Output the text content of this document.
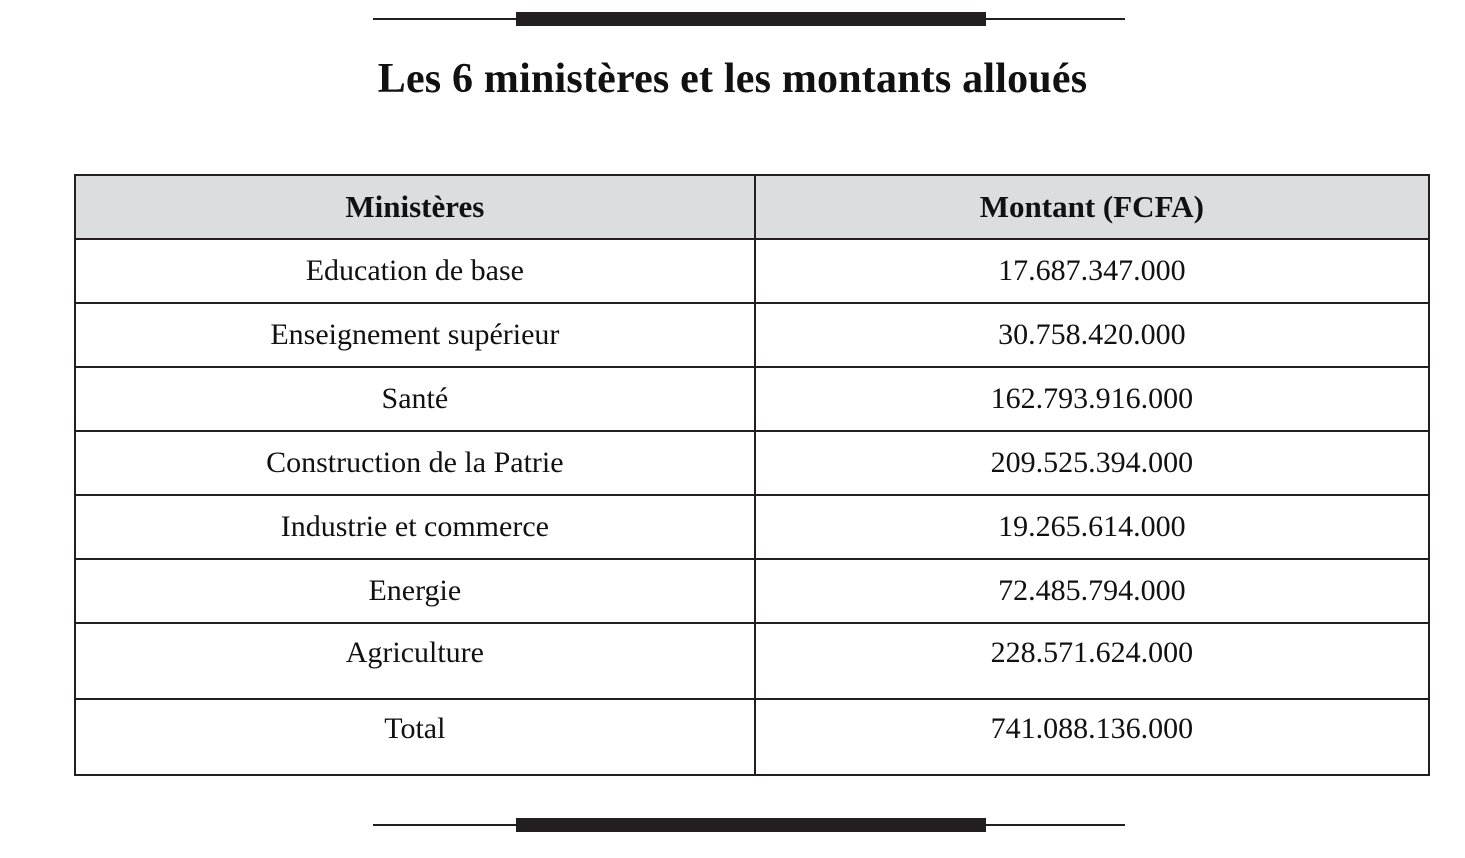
Les 6 ministères et les montants alloués
Ministères	Montant (FCFA)
Education de base	17.687.347.000
Enseignement supérieur	30.758.420.000
Santé	162.793.916.000
Construction de la Patrie	209.525.394.000
Industrie et commerce	19.265.614.000
Energie	72.485.794.000
Agriculture	228.571.624.000
Total	741.088.136.000
